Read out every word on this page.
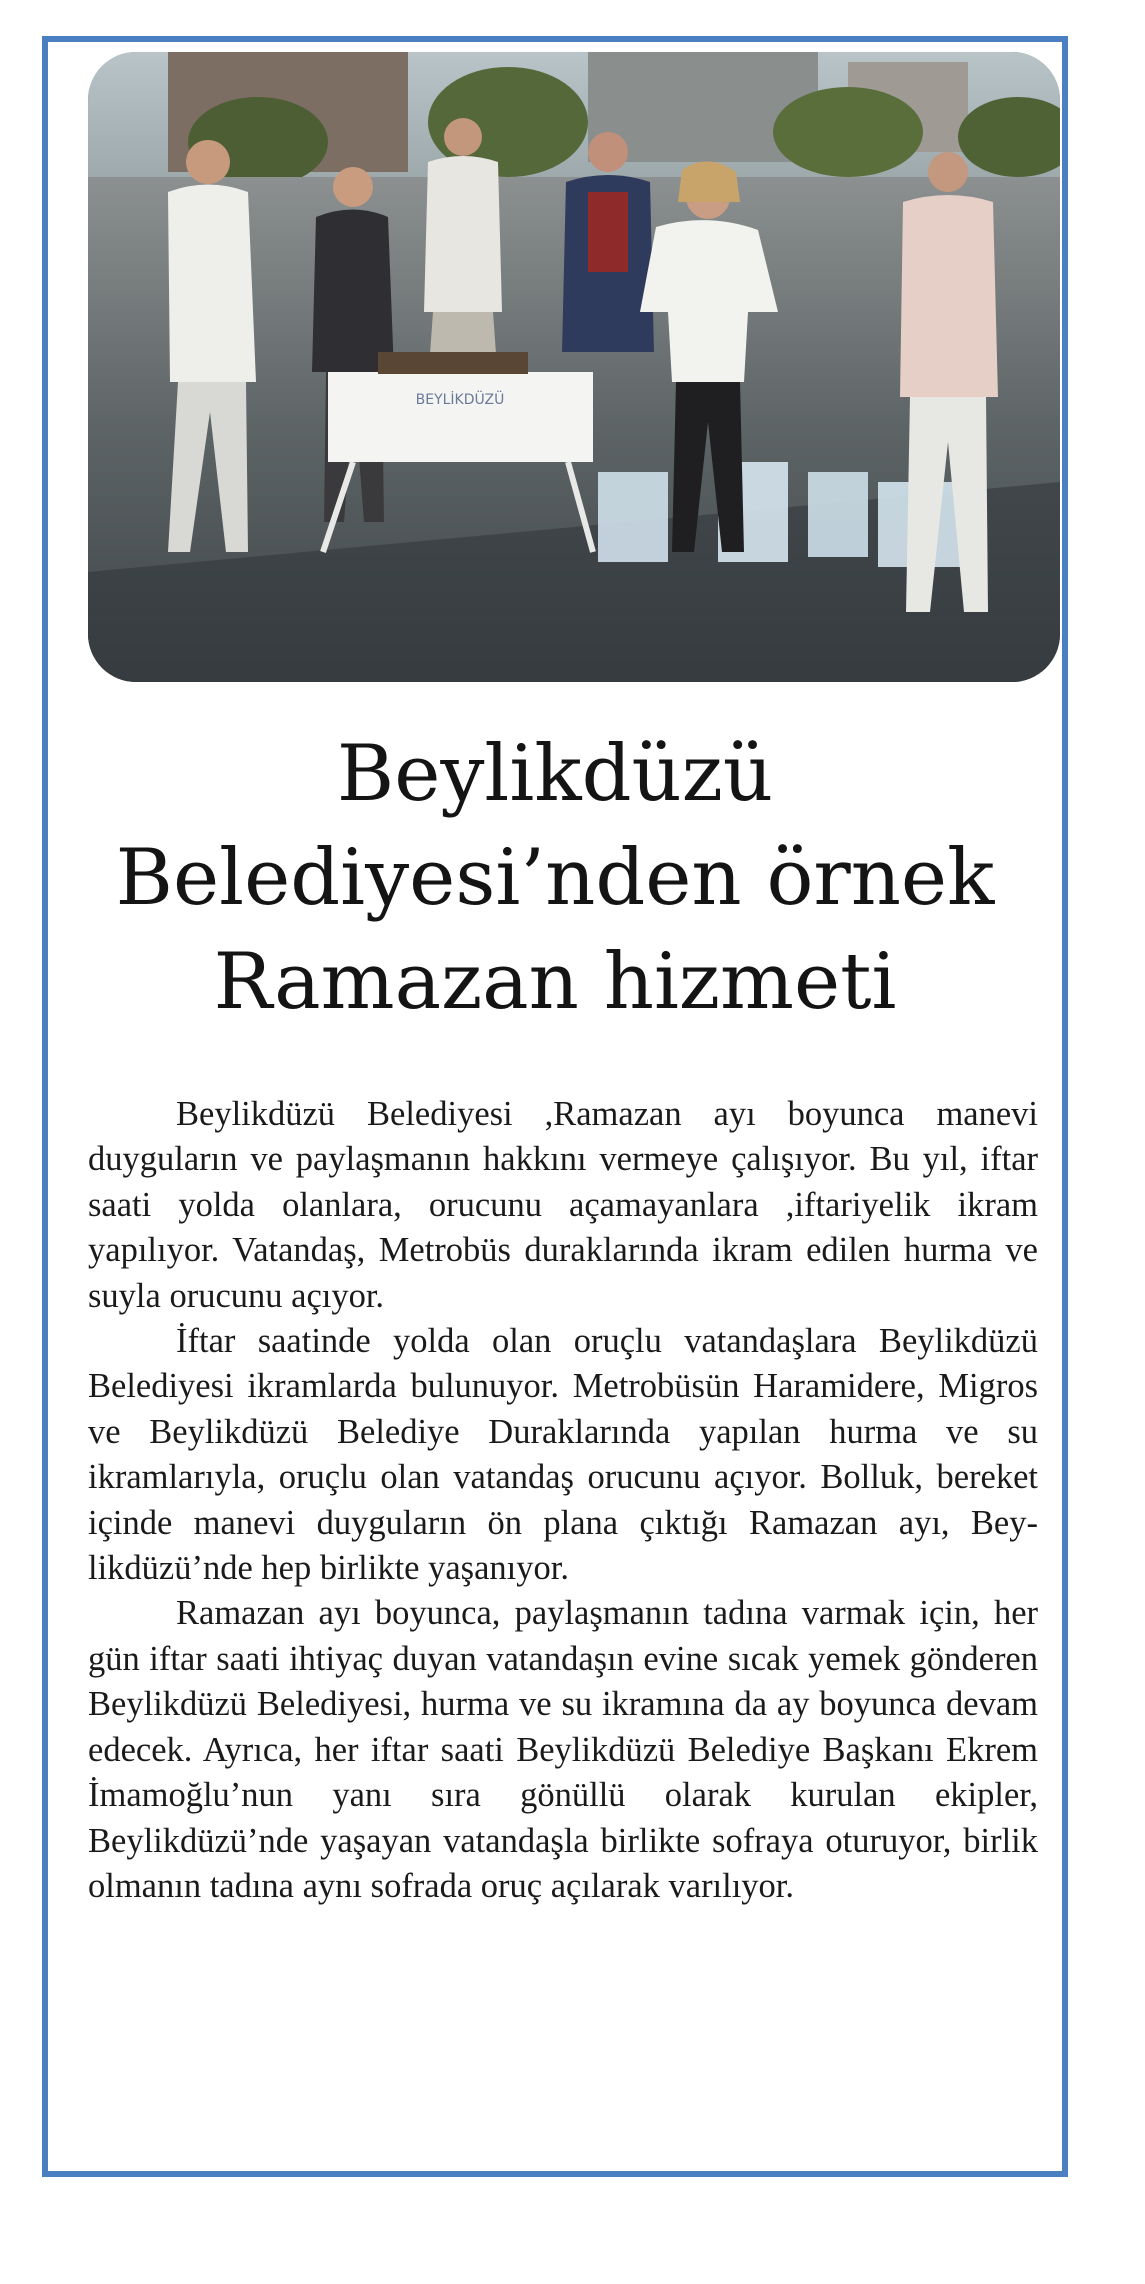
BEYLİKDÜZÜ
Beylikdüzü
Belediyesi’nden örnek
Ramazan hizmeti

Beylikdüzü Belediyesi ,Ramazan ayı boyunca manevi duyguların ve paylaşmanın hakkını vermeye çalışıyor. Bu yıl, iftar saati yolda olanlara, orucunu açamayanlara ,iftariyelik ikram yapılıyor. Vatandaş, Metrobüs duraklarında ikram edilen hurma ve suyla orucunu açıyor.

İftar saatinde yolda olan oruçlu vatandaşlara Beylikdüzü Belediyesi ikramlarda bulunuyor. Metrobüsün Haramidere, Migros ve Beylikdüzü Belediye Duraklarında yapılan hurma ve su ikramlarıyla, oruçlu olan vatandaş orucunu açıyor. Bolluk, bereket içinde manevi duyguların ön plana çıktığı Ramazan ayı, Beylikdüzü’nde hep birlikte yaşanıyor.

Ramazan ayı boyunca, paylaşmanın tadına varmak için, her gün iftar saati ihtiyaç duyan vatandaşın evine sıcak yemek gönderen Beylikdüzü Belediyesi, hurma ve su ikramına da ay boyunca devam edecek. Ayrıca, her iftar saati Beylikdüzü Belediye Başkanı Ekrem İmamoğlu’nun yanı sıra gönüllü olarak kurulan ekipler, Beylikdüzü’nde yaşayan vatandaşla birlikte sofraya oturuyor, birlik olmanın tadına aynı sofrada oruç açılarak varılıyor.
